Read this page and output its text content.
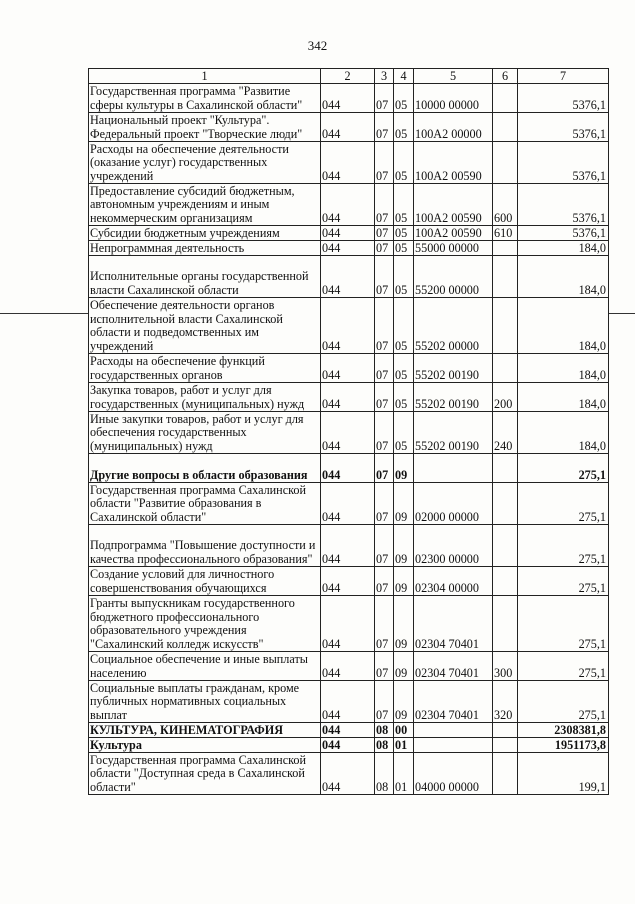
342
1	2	3	4	5	6	7
Государственная программа "Развитие сферы культуры в Сахалинской области"	044	07	05	10000 00000		5376,1
Национальный проект "Культура". Федеральный проект "Творческие люди"	044	07	05	100А2 00000		5376,1
Расходы на обеспечение деятельности (оказание услуг) государственных учреждений	044	07	05	100А2 00590		5376,1
Предоставление субсидий бюджетным, автономным учреждениям и иным некоммерческим организациям	044	07	05	100А2 00590	600	5376,1
Субсидии бюджетным учреждениям	044	07	05	100А2 00590	610	5376,1
Непрограммная деятельность	044	07	05	55000 00000		184,0
Исполнительные органы государственной власти Сахалинской области	044	07	05	55200 00000		184,0
Обеспечение деятельности органов исполнительной власти Сахалинской области и подведомственных им учреждений	044	07	05	55202 00000		184,0
Расходы на обеспечение функций государственных органов	044	07	05	55202 00190		184,0
Закупка товаров, работ и услуг для государственных (муниципальных) нужд	044	07	05	55202 00190	200	184,0
Иные закупки товаров, работ и услуг для обеспечения государственных (муниципальных) нужд	044	07	05	55202 00190	240	184,0
Другие вопросы в области образования	044	07	09			275,1
Государственная программа Сахалинской области "Развитие образования в Сахалинской области"	044	07	09	02000 00000		275,1
Подпрограмма "Повышение доступности и качества профессионального образования"	044	07	09	02300 00000		275,1
Создание условий для личностного совершенствования обучающихся	044	07	09	02304 00000		275,1
Гранты выпускникам государственного бюджетного профессионального образовательного учреждения "Сахалинский колледж искусств"	044	07	09	02304 70401		275,1
Социальное обеспечение и иные выплаты населению	044	07	09	02304 70401	300	275,1
Социальные выплаты гражданам, кроме публичных нормативных социальных выплат	044	07	09	02304 70401	320	275,1
КУЛЬТУРА, КИНЕМАТОГРАФИЯ	044	08	00			2308381,8
Культура	044	08	01			1951173,8
Государственная программа Сахалинской области "Доступная среда в Сахалинской области"	044	08	01	04000 00000		199,1
